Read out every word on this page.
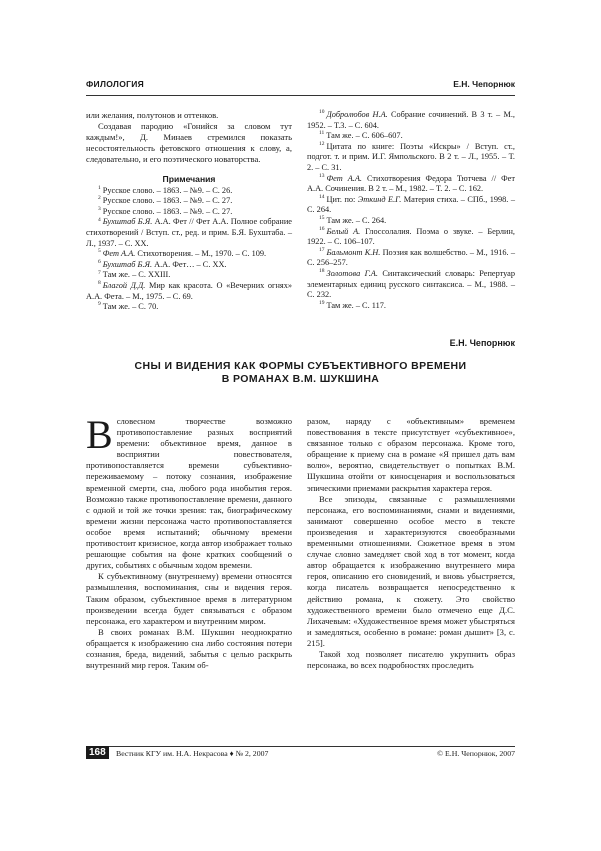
ФИЛОЛОГИЯ	Е.Н. Чепорнюк

или желания, полутонов и оттенков.

Создавая пародию «Гонийся за словом тут каждым!», Д. Минаев стремился показать несостоятельность фетовского отношения к слову, а, следовательно, и его поэтического новаторства.

Примечания

$^1$ Русское слово. – 1863. – №9. – С. 26.

$^2$ Русское слово. – 1863. – №9. – С. 27.

$^3$ Русское слово. – 1863. – №9. – С. 27.

$^4$ Бухштаб Б.Я. А.А. Фет // Фет А.А. Полное собрание стихотворений / Вступ. ст., ред. и прим. Б.Я. Бухштаба. – Л., 1937. – С. XX.

$^5$ Фет А.А. Стихотворения. – М., 1970. – С. 109.

$^6$ Бухштаб Б.Я. А.А. Фет… – С. XX.

$^7$ Там же. – С. XXIII.

$^8$ Благой Д.Д. Мир как красота. О «Вечерних огнях» А.А. Фета. – М., 1975. – С. 69.

$^9$ Там же. – С. 70.

$^{10}$ Добролюбов Н.А. Собрание сочинений. В 3 т. – М., 1952. – Т.3. – С. 604.

$^{11}$ Там же. – С. 606–607.

$^{12}$ Цитата по книге: Поэты «Искры» / Вступ. ст., подгот. т. и прим. И.Г. Ямпольского. В 2 т. – Л., 1955. – Т. 2. – С. 31.

$^{13}$ Фет А.А. Стихотворения Федора Тютчева // Фет А.А. Сочинения. В 2 т. – М., 1982. – Т. 2. – С. 162.

$^{14}$ Цит. по: Эткинд Е.Г. Материя стиха. – СПб., 1998. – С. 264.

$^{15}$ Там же. – С. 264.

$^{16}$ Белый А. Глоссолалия. Поэма о звуке. – Берлин, 1922. – С. 106–107.

$^{17}$ Бальмонт К.Н. Поэзия как волшебство. – М., 1916. – С. 256–257.

$^{18}$ Золотова Г.А. Синтаксический словарь: Репертуар элементарных единиц русского синтаксиса. – М., 1988. – С. 232.

$^{19}$ Там же. – С. 117.

Е.Н. Чепорнюк
СНЫ И ВИДЕНИЯ КАК ФОРМЫ СУБЪЕКТИВНОГО ВРЕМЕНИ
В РОМАНАХ В.М. ШУКШИНА

Всловесном творчестве возможно противопоставление разных восприятий времени: объективное время, данное в восприятии повествователя, противопоставляется времени субъективно-переживаемому – потоку сознания, изображение временной смерти, сна, любого рода инобытия героя. Возможно также противопоставление времени, данного с одной и той же точки зрения: так, биографическому времени жизни персонажа часто противопоставляется особое время испытаний; обычному времени противостоит кризисное, когда автор изображает только решающие события на фоне кратких сообщений о других, событиях с обычным ходом времени.

К субъективному (внутреннему) времени относятся размышления, воспоминания, сны и видения героя. Таким образом, субъективное время в литературном произведении всегда будет связываться с образом персонажа, его характером и внутренним миром.

В своих романах В.М. Шукшин неоднократно обращается к изображению сна либо состояния потери сознания, бреда, видений, забытья с целью раскрыть внутренний мир героя. Таким об-

разом, наряду с «объективным» временем повествования в тексте присутствует «субъективное», связанное только с образом персонажа. Кроме того, обращение к приему сна в романе «Я пришел дать вам волю», вероятно, свидетельствует о попытках В.М. Шукшина отойти от киносценария и воспользоваться эпическими приемами раскрытия характера героя.

Все эпизоды, связанные с размышлениями персонажа, его воспоминаниями, снами и видениями, занимают совершенно особое место в тексте произведения и характеризуются своеобразными временными отношениями. Сюжетное время в этом случае словно замедляет свой ход в тот момент, когда автор обращается к изображению внутреннего мира героя, описанию его сновидений, и вновь убыстряется, когда писатель возвращается непосредственно к действию романа, к сюжету. Это свойство художественного времени было отмечено еще Д.С. Лихачевым: «Художественное время может убыстряться и замедляться, особенно в романе: роман дышит» [3, с. 215].

Такой ход позволяет писателю укрупнить образ персонажа, во всех подробностях проследить

168	Вестник КГУ им. Н.А. Некрасова ♦ № 2, 2007	© Е.Н. Чепорнюк, 2007
